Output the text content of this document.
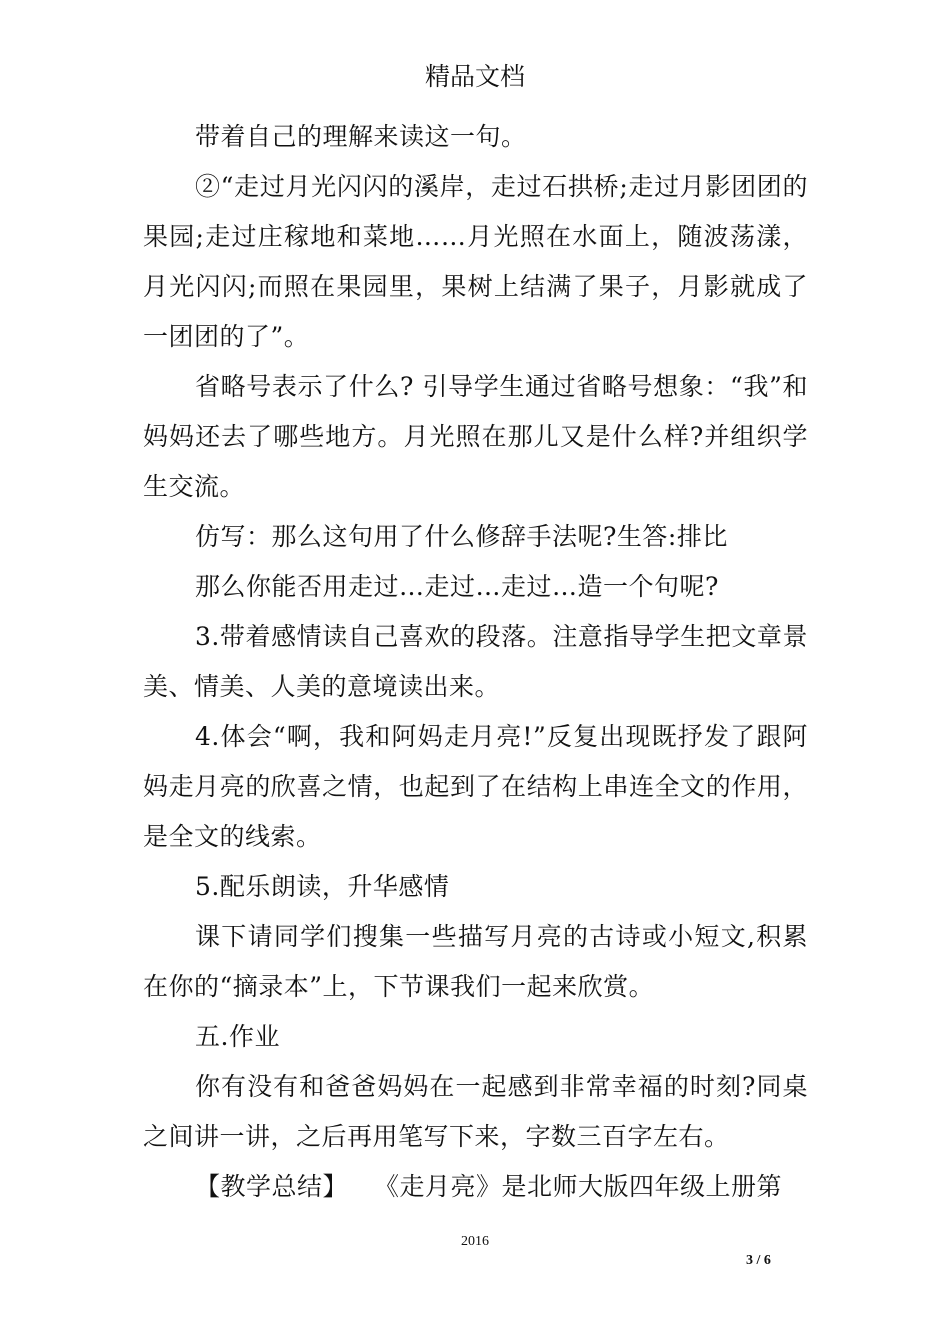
精品文档

带着自己的理解来读这一句。

②“走过月光闪闪的溪岸，走过石拱桥;走过月影团团的果园;走过庄稼地和菜地……月光照在水面上，随波荡漾，月光闪闪;而照在果园里，果树上结满了果子，月影就成了一团团的了”。

省略号表示了什么? 引导学生通过省略号想象：“我”和妈妈还去了哪些地方。月光照在那儿又是什么样?并组织学生交流。

仿写：那么这句用了什么修辞手法呢?生答:排比

那么你能否用走过…走过…走过…造一个句呢?

3.带着感情读自己喜欢的段落。注意指导学生把文章景美、情美、人美的意境读出来。

4.体会“啊，我和阿妈走月亮!”反复出现既抒发了跟阿妈走月亮的欣喜之情，也起到了在结构上串连全文的作用，是全文的线索。

5.配乐朗读，升华感情

课下请同学们搜集一些描写月亮的古诗或小短文,积累在你的“摘录本”上，下节课我们一起来欣赏。

五.作业

你有没有和爸爸妈妈在一起感到非常幸福的时刻?同桌之间讲一讲，之后再用笔写下来，字数三百字左右。

【教学总结】　　《走月亮》是北师大版四年级上册第

2016
3 / 6
